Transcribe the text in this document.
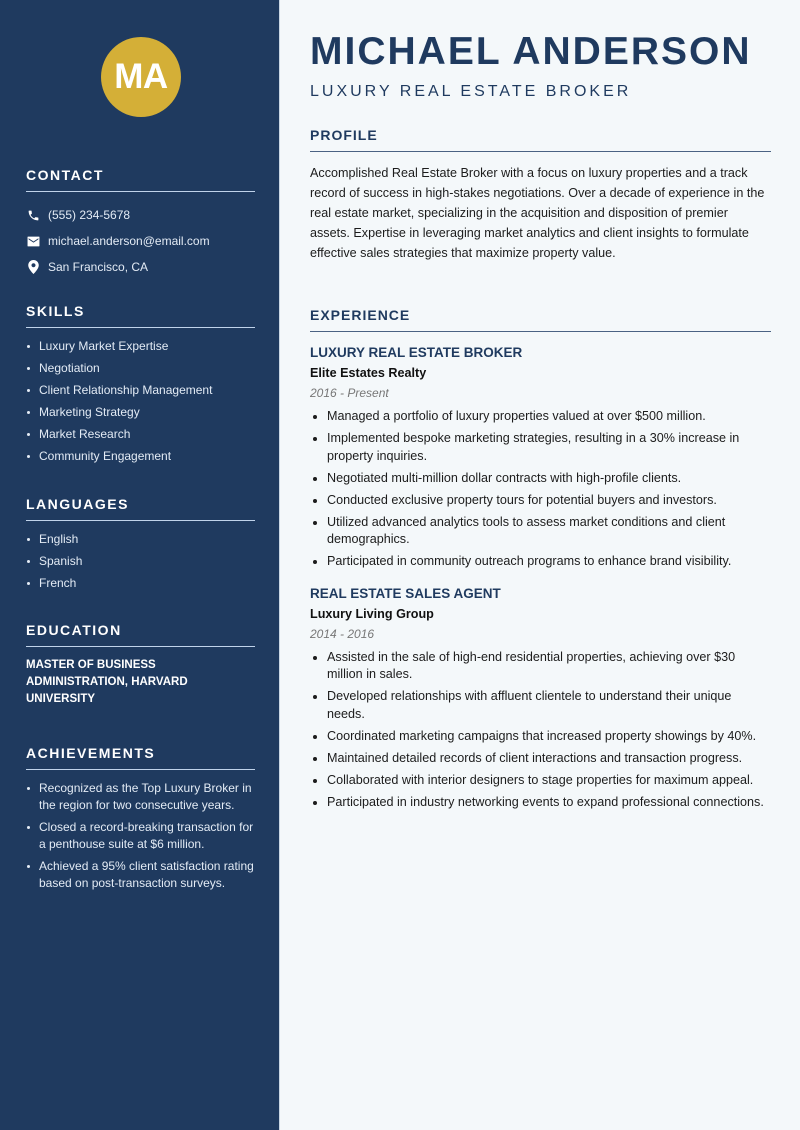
MA
CONTACT
(555) 234-5678
michael.anderson@email.com
San Francisco, CA
SKILLS
Luxury Market Expertise
Negotiation
Client Relationship Management
Marketing Strategy
Market Research
Community Engagement
LANGUAGES
English
Spanish
French
EDUCATION
MASTER OF BUSINESS ADMINISTRATION, HARVARD UNIVERSITY
ACHIEVEMENTS
Recognized as the Top Luxury Broker in the region for two consecutive years.
Closed a record-breaking transaction for a penthouse suite at $6 million.
Achieved a 95% client satisfaction rating based on post-transaction surveys.
MICHAEL ANDERSON
LUXURY REAL ESTATE BROKER
PROFILE

Accomplished Real Estate Broker with a focus on luxury properties and a track record of success in high-stakes negotiations. Over a decade of experience in the real estate market, specializing in the acquisition and disposition of premier assets. Expertise in leveraging market analytics and client insights to formulate effective sales strategies that maximize property value.

EXPERIENCE
LUXURY REAL ESTATE BROKER
Elite Estates Realty
2016 - Present
Managed a portfolio of luxury properties valued at over $500 million.
Implemented bespoke marketing strategies, resulting in a 30% increase in property inquiries.
Negotiated multi-million dollar contracts with high-profile clients.
Conducted exclusive property tours for potential buyers and investors.
Utilized advanced analytics tools to assess market conditions and client demographics.
Participated in community outreach programs to enhance brand visibility.
REAL ESTATE SALES AGENT
Luxury Living Group
2014 - 2016
Assisted in the sale of high-end residential properties, achieving over $30 million in sales.
Developed relationships with affluent clientele to understand their unique needs.
Coordinated marketing campaigns that increased property showings by 40%.
Maintained detailed records of client interactions and transaction progress.
Collaborated with interior designers to stage properties for maximum appeal.
Participated in industry networking events to expand professional connections.
